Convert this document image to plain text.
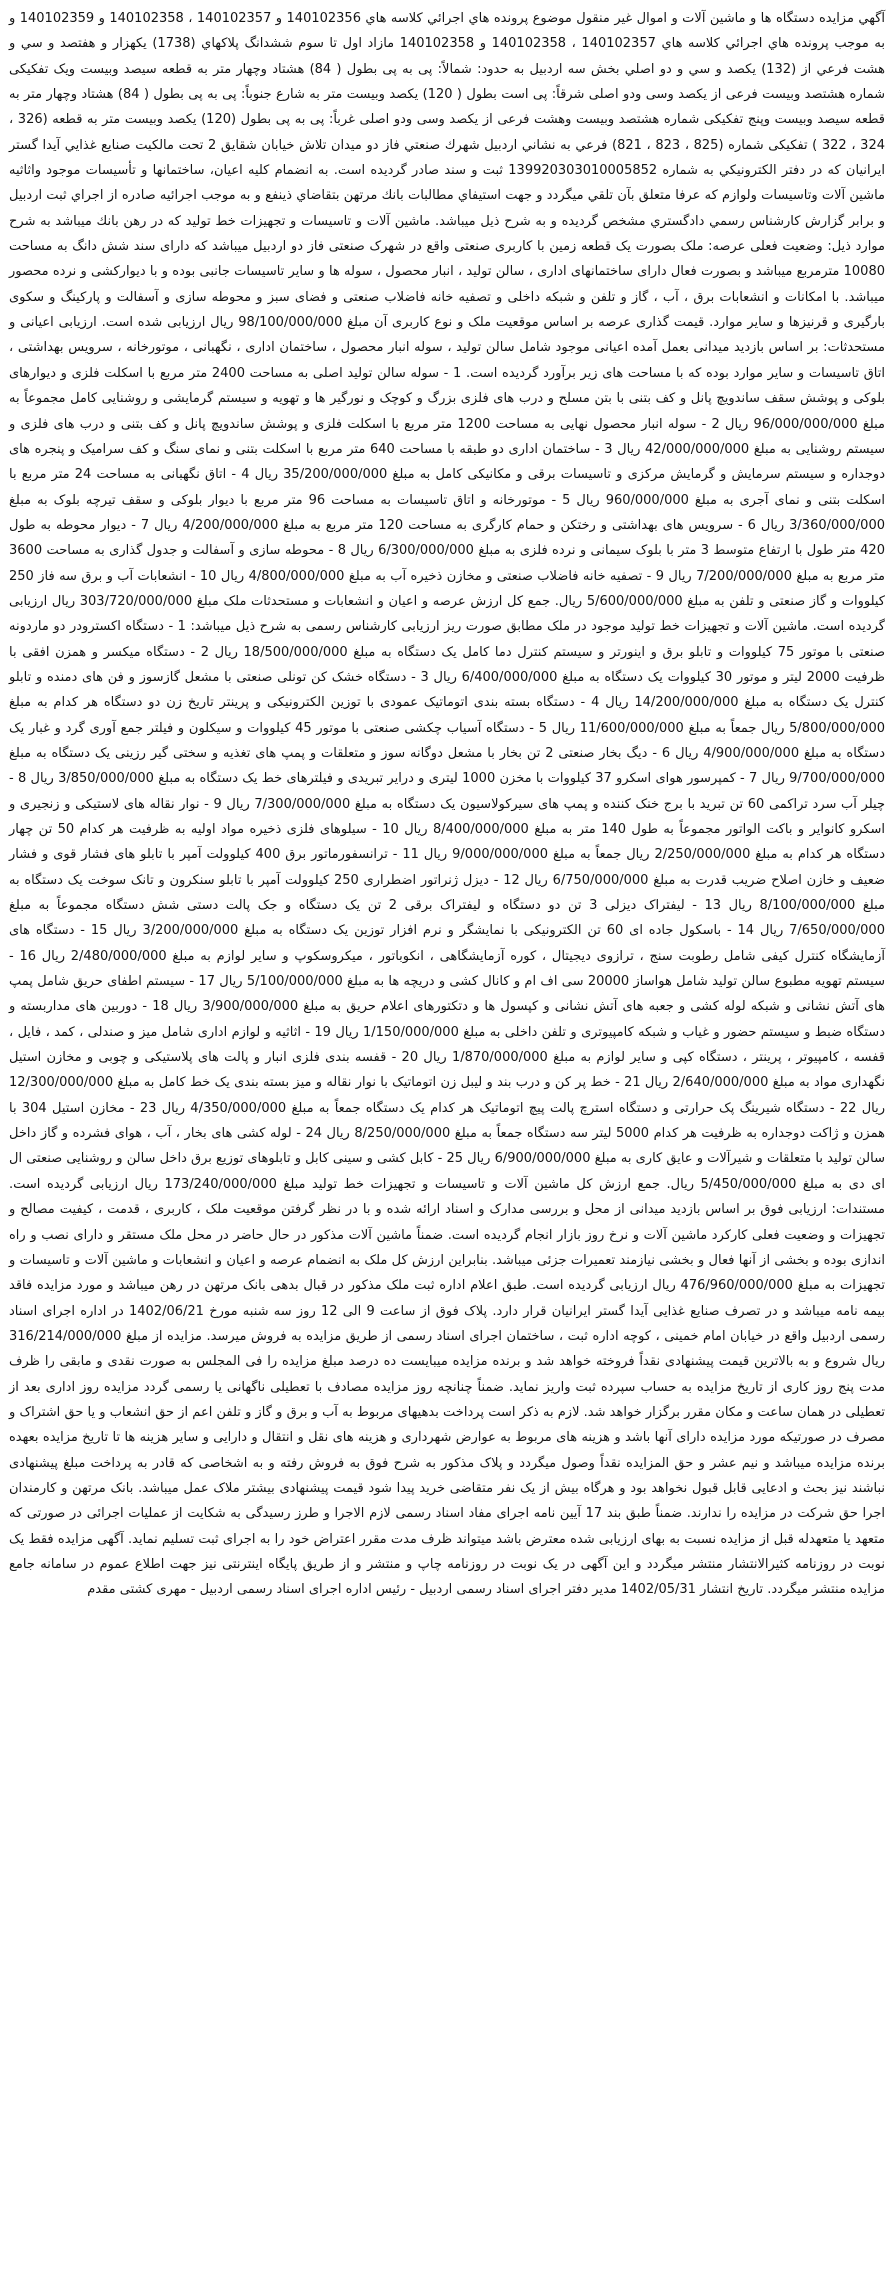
آگهي مزايده دستگاه ها و ماشين آلات و اموال غير منقول موضوع پرونده هاي اجرائي كلاسه هاي 140102356 و 140102357 ، 140102358 و 140102359 و به موجب پرونده هاي اجرائي كلاسه هاي 140102357 ، 140102358 و 140102358 مازاد اول تا سوم ششدانگ پلاكهاي (1738) يكهزار و هفتصد و سي و هشت فرعي از (132) يكصد و سي و دو اصلي بخش سه اردبيل به حدود: شمالاً: پی به پی بطول ( 84) هشتاد وچهار متر به قطعه سيصد وبيست ويک تفکيکی شماره هشتصد وبيست فرعی از يکصد وسی ودو اصلی شرقاً: پی است بطول ( 120) يکصد وبيست متر به شارع جنوباً: پی به پی بطول ( 84) هشتاد وچهار متر به قطعه سيصد وبيست وپنج تفکيکی شماره هشتصد وبيست وهشت فرعی از يکصد وسی ودو اصلی غرباً: پی به پی بطول (120) يکصد وبيست متر به قطعه (326 ، 324 ، 322 ) تفکيکی شماره (825 ، 823 ، 821) فرعي به نشاني اردبيل شهرك صنعتي فاز دو ميدان تلاش خيابان شقايق 2 تحت مالكيت صنايع غذايي آيدا گستر ايرانيان كه در دفتر الكترونيكي به شماره 139920303010005852 ثبت و سند صادر گرديده است. به انضمام كليه اعيان، ساختمانها و تأسيسات موجود واثاثيه ماشين آلات وتاسيسات ولوازم كه عرفا متعلق بآن تلقي ميگردد و جهت استيفاي مطالبات بانك مرتهن بتقاضاي ذينفع و به موجب اجرائيه صادره از اجراي ثبت اردبيل و برابر گزارش كارشناس رسمي دادگستري مشخص گرديده و به شرح ذيل ميباشد. ماشين آلات و تاسيسات و تجهيزات خط توليد كه در رهن بانك ميباشد به شرح موارد ذيل: وضعیت فعلی عرصه: ملک بصورت یک قطعه زمین با کاربری صنعتی واقع در شهرک صنعتی فاز دو اردبیل ميباشد که دارای سند شش دانگ به مساحت 10080 مترمربع میباشد و بصورت فعال دارای ساختمانهای اداری ، سالن تولید ، انبار محصول ، سوله ها و سایر تاسیسات جانبی بوده و با دیوارکشی و نرده محصور میباشد. با امکانات و انشعابات برق ، آب ، گاز و تلفن و شبکه داخلی و تصفیه خانه فاضلاب صنعتی و فضای سبز و محوطه سازی و آسفالت و پارکینگ و سکوی بارگیری و قرنیزها و سایر موارد. قیمت گذاری عرصه بر اساس موقعیت ملک و نوع کاربری آن مبلغ 98/100/000/000 ریال ارزیابی شده است. ارزیابی اعیانی و مستحدثات: بر اساس بازدید میدانی بعمل آمده اعیانی موجود شامل سالن تولید ، سوله انبار محصول ، ساختمان اداری ، نگهبانی ، موتورخانه ، سرویس بهداشتی ، اتاق تاسیسات و سایر موارد بوده که با مساحت های زیر برآورد گردیده است. 1 - سوله سالن تولید اصلی به مساحت 2400 متر مربع با اسکلت فلزی و دیوارهای بلوکی و پوشش سقف ساندویچ پانل و کف بتنی با بتن مسلح و درب های فلزی بزرگ و کوچک و نورگیر ها و تهویه و سیستم گرمایشی و روشنایی کامل مجموعاً به مبلغ 96/000/000/000 ریال 2 - سوله انبار محصول نهایی به مساحت 1200 متر مربع با اسکلت فلزی و پوشش ساندویچ پانل و کف بتنی و درب های فلزی و سیستم روشنایی به مبلغ 42/000/000/000 ریال 3 - ساختمان اداری دو طبقه با مساحت 640 متر مربع با اسکلت بتنی و نمای سنگ و کف سرامیک و پنجره های دوجداره و سیستم سرمایش و گرمایش مرکزی و تاسیسات برقی و مکانیکی کامل به مبلغ 35/200/000/000 ریال 4 - اتاق نگهبانی به مساحت 24 متر مربع با اسکلت بتنی و نمای آجری به مبلغ 960/000/000 ریال 5 - موتورخانه و اتاق تاسیسات به مساحت 96 متر مربع با دیوار بلوکی و سقف تیرچه بلوک به مبلغ 3/360/000/000 ریال 6 - سرویس های بهداشتی و رختکن و حمام کارگری به مساحت 120 متر مربع به مبلغ 4/200/000/000 ریال 7 - دیوار محوطه به طول 420 متر طول با ارتفاع متوسط 3 متر با بلوک سیمانی و نرده فلزی به مبلغ 6/300/000/000 ریال 8 - محوطه سازی و آسفالت و جدول گذاری به مساحت 3600 متر مربع به مبلغ 7/200/000/000 ریال 9 - تصفیه خانه فاضلاب صنعتی و مخازن ذخیره آب به مبلغ 4/800/000/000 ریال 10 - انشعابات آب و برق سه فاز 250 کیلووات و گاز صنعتی و تلفن به مبلغ 5/600/000/000 ریال. جمع کل ارزش عرصه و اعیان و انشعابات و مستحدثات ملک مبلغ 303/720/000/000 ریال ارزیابی گردیده است. ماشین آلات و تجهیزات خط تولید موجود در ملک مطابق صورت ریز ارزیابی کارشناس رسمی به شرح ذیل میباشد: 1 - دستگاه اکسترودر دو ماردونه صنعتی با موتور 75 کیلووات و تابلو برق و اینورتر و سیستم کنترل دما کامل یک دستگاه به مبلغ 18/500/000/000 ریال 2 - دستگاه میکسر و همزن افقی با ظرفیت 2000 لیتر و موتور 30 کیلووات یک دستگاه به مبلغ 6/400/000/000 ریال 3 - دستگاه خشک کن تونلی صنعتی با مشعل گازسوز و فن های دمنده و تابلو کنترل یک دستگاه به مبلغ 14/200/000/000 ریال 4 - دستگاه بسته بندی اتوماتیک عمودی با توزین الکترونیکی و پرینتر تاریخ زن دو دستگاه هر کدام به مبلغ 5/800/000/000 ریال جمعاً به مبلغ 11/600/000/000 ریال 5 - دستگاه آسیاب چکشی صنعتی با موتور 45 کیلووات و سیکلون و فیلتر جمع آوری گرد و غبار یک دستگاه به مبلغ 4/900/000/000 ریال 6 - دیگ بخار صنعتی 2 تن بخار با مشعل دوگانه سوز و متعلقات و پمپ های تغذیه و سختی گیر رزینی یک دستگاه به مبلغ 9/700/000/000 ریال 7 - کمپرسور هوای اسکرو 37 کیلووات با مخزن 1000 لیتری و درایر تبریدی و فیلترهای خط یک دستگاه به مبلغ 3/850/000/000 ریال 8 - چیلر آب سرد تراکمی 60 تن تبرید با برج خنک کننده و پمپ های سیرکولاسیون یک دستگاه به مبلغ 7/300/000/000 ریال 9 - نوار نقاله های لاستیکی و زنجیری و اسکرو کانوایر و باکت الواتور مجموعاً به طول 140 متر به مبلغ 8/400/000/000 ریال 10 - سیلوهای فلزی ذخیره مواد اولیه به ظرفیت هر کدام 50 تن چهار دستگاه هر کدام به مبلغ 2/250/000/000 ریال جمعاً به مبلغ 9/000/000/000 ریال 11 - ترانسفورماتور برق 400 کیلوولت آمپر با تابلو های فشار قوی و فشار ضعیف و خازن اصلاح ضریب قدرت به مبلغ 6/750/000/000 ریال 12 - دیزل ژنراتور اضطراری 250 کیلوولت آمپر با تابلو سنکرون و تانک سوخت یک دستگاه به مبلغ 8/100/000/000 ریال 13 - لیفتراک دیزلی 3 تن دو دستگاه و لیفتراک برقی 2 تن یک دستگاه و جک پالت دستی شش دستگاه مجموعاً به مبلغ 7/650/000/000 ریال 14 - باسکول جاده ای 60 تن الکترونیکی با نمایشگر و نرم افزار توزین یک دستگاه به مبلغ 3/200/000/000 ریال 15 - دستگاه های آزمایشگاه کنترل کیفی شامل رطوبت سنج ، ترازوی دیجیتال ، کوره آزمایشگاهی ، انکوباتور ، میکروسکوپ و سایر لوازم به مبلغ 2/480/000/000 ریال 16 - سیستم تهویه مطبوع سالن تولید شامل هواساز 20000 سی اف ام و کانال کشی و دریچه ها به مبلغ 5/100/000/000 ریال 17 - سیستم اطفای حریق شامل پمپ های آتش نشانی و شبکه لوله کشی و جعبه های آتش نشانی و کپسول ها و دتکتورهای اعلام حریق به مبلغ 3/900/000/000 ریال 18 - دوربین های مداربسته و دستگاه ضبط و سیستم حضور و غیاب و شبکه کامپیوتری و تلفن داخلی به مبلغ 1/150/000/000 ریال 19 - اثاثیه و لوازم اداری شامل میز و صندلی ، کمد ، فایل ، قفسه ، کامپیوتر ، پرینتر ، دستگاه کپی و سایر لوازم به مبلغ 1/870/000/000 ریال 20 - قفسه بندی فلزی انبار و پالت های پلاستیکی و چوبی و مخازن استیل نگهداری مواد به مبلغ 2/640/000/000 ریال 21 - خط پر کن و درب بند و لیبل زن اتوماتیک با نوار نقاله و میز بسته بندی یک خط کامل به مبلغ 12/300/000/000 ریال 22 - دستگاه شیرینگ پک حرارتی و دستگاه استرچ پالت پیچ اتوماتیک هر کدام یک دستگاه جمعاً به مبلغ 4/350/000/000 ریال 23 - مخازن استیل 304 با همزن و ژاکت دوجداره به ظرفیت هر کدام 5000 لیتر سه دستگاه جمعاً به مبلغ 8/250/000/000 ریال 24 - لوله کشی های بخار ، آب ، هوای فشرده و گاز داخل سالن تولید با متعلقات و شیرآلات و عایق کاری به مبلغ 6/900/000/000 ریال 25 - کابل کشی و سینی کابل و تابلوهای توزیع برق داخل سالن و روشنایی صنعتی ال ای دی به مبلغ 5/450/000/000 ریال. جمع ارزش کل ماشین آلات و تاسیسات و تجهیزات خط تولید مبلغ 173/240/000/000 ریال ارزیابی گردیده است. مستندات: ارزیابی فوق بر اساس بازدید میدانی از محل و بررسی مدارک و اسناد ارائه شده و با در نظر گرفتن موقعیت ملک ، کاربری ، قدمت ، کیفیت مصالح و تجهیزات و وضعیت فعلی کارکرد ماشین آلات و نرخ روز بازار انجام گردیده است. ضمناً ماشین آلات مذکور در حال حاضر در محل ملک مستقر و دارای نصب و راه اندازی بوده و بخشی از آنها فعال و بخشی نیازمند تعمیرات جزئی میباشد. بنابراین ارزش کل ملک به انضمام عرصه و اعیان و انشعابات و ماشین آلات و تاسیسات و تجهیزات به مبلغ 476/960/000/000 ریال ارزیابی گردیده است. طبق اعلام اداره ثبت ملک مذکور در قبال بدهی بانک مرتهن در رهن میباشد و مورد مزایده فاقد بیمه نامه میباشد و در تصرف صنایع غذایی آیدا گستر ایرانیان قرار دارد. پلاک فوق از ساعت 9 الی 12 روز سه شنبه مورخ 1402/06/21 در اداره اجرای اسناد رسمی اردبیل واقع در خیابان امام خمینی ، کوچه اداره ثبت ، ساختمان اجرای اسناد رسمی از طریق مزایده به فروش میرسد. مزایده از مبلغ 316/214/000/000 ریال شروع و به بالاترین قیمت پیشنهادی نقداً فروخته خواهد شد و برنده مزایده میبایست ده درصد مبلغ مزایده را فی المجلس به صورت نقدی و مابقی را ظرف مدت پنج روز کاری از تاریخ مزایده به حساب سپرده ثبت واریز نماید. ضمناً چنانچه روز مزایده مصادف با تعطیلی ناگهانی یا رسمی گردد مزایده روز اداری بعد از تعطیلی در همان ساعت و مکان مقرر برگزار خواهد شد. لازم به ذکر است پرداخت بدهیهای مربوط به آب و برق و گاز و تلفن اعم از حق انشعاب و یا حق اشتراک و مصرف در صورتیکه مورد مزایده دارای آنها باشد و هزینه های مربوط به عوارض شهرداری و هزینه های نقل و انتقال و دارایی و سایر هزینه ها تا تاریخ مزایده بعهده برنده مزایده میباشد و نیم عشر و حق المزایده نقداً وصول میگردد و پلاک مذکور به شرح فوق به فروش رفته و به اشخاصی که قادر به پرداخت مبلغ پیشنهادی نباشند نیز بحث و ادعایی قابل قبول نخواهد بود و هرگاه بیش از یک نفر متقاضی خرید پیدا شود قیمت پیشنهادی بیشتر ملاک عمل میباشد. بانک مرتهن و کارمندان اجرا حق شرکت در مزایده را ندارند. ضمناً طبق بند 17 آیین نامه اجرای مفاد اسناد رسمی لازم الاجرا و طرز رسیدگی به شکایت از عملیات اجرائی در صورتی که متعهد یا متعهدله قبل از مزایده نسبت به بهای ارزیابی شده معترض باشد میتواند ظرف مدت مقرر اعتراض خود را به اجرای ثبت تسلیم نماید. آگهی مزایده فقط یک نوبت در روزنامه کثیرالانتشار منتشر میگردد و این آگهی در یک نوبت در روزنامه چاپ و منتشر و از طریق پایگاه اینترنتی نیز جهت اطلاع عموم در سامانه جامع مزایده منتشر میگردد. تاریخ انتشار 1402/05/31 مدیر دفتر اجرای اسناد رسمی اردبیل - رئیس اداره اجرای اسناد رسمی اردبیل - مهری کشتی مقدم
